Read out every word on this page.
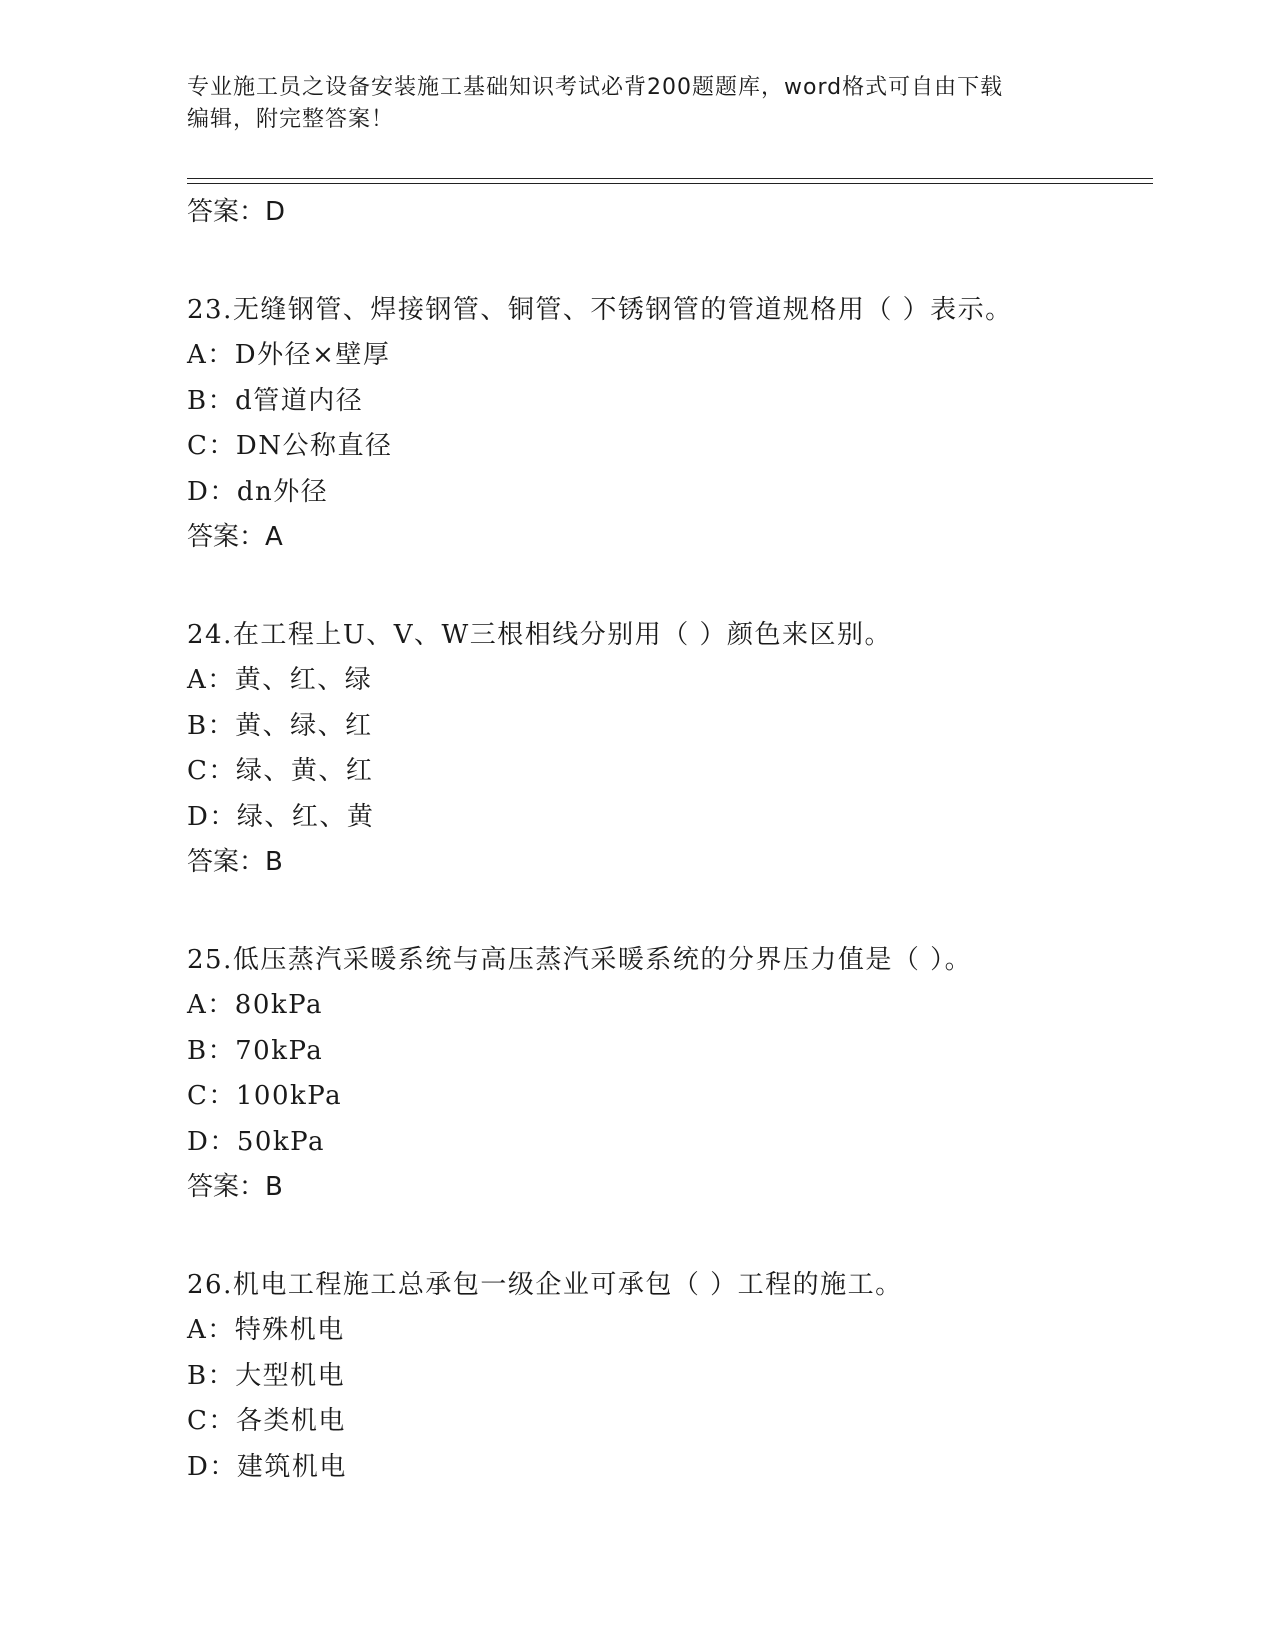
专业施工员之设备安装施工基础知识考试必背200题题库，word格式可自由下载
编辑，附完整答案！
答案：D
23.无缝钢管、焊接钢管、铜管、不锈钢管的管道规格用（ ）表示。
A：D外径×壁厚
B：d管道内径
C：DN公称直径
D：dn外径
答案：A
24.在工程上U、V、W三根相线分别用（ ）颜色来区别。
A：黄、红、绿
B：黄、绿、红
C：绿、黄、红
D：绿、红、黄
答案：B
25.低压蒸汽采暖系统与高压蒸汽采暖系统的分界压力值是（ ）。
A：80kPa
B：70kPa
C：100kPa
D：50kPa
答案：B
26.机电工程施工总承包一级企业可承包（ ）工程的施工。
A：特殊机电
B：大型机电
C：各类机电
D：建筑机电
